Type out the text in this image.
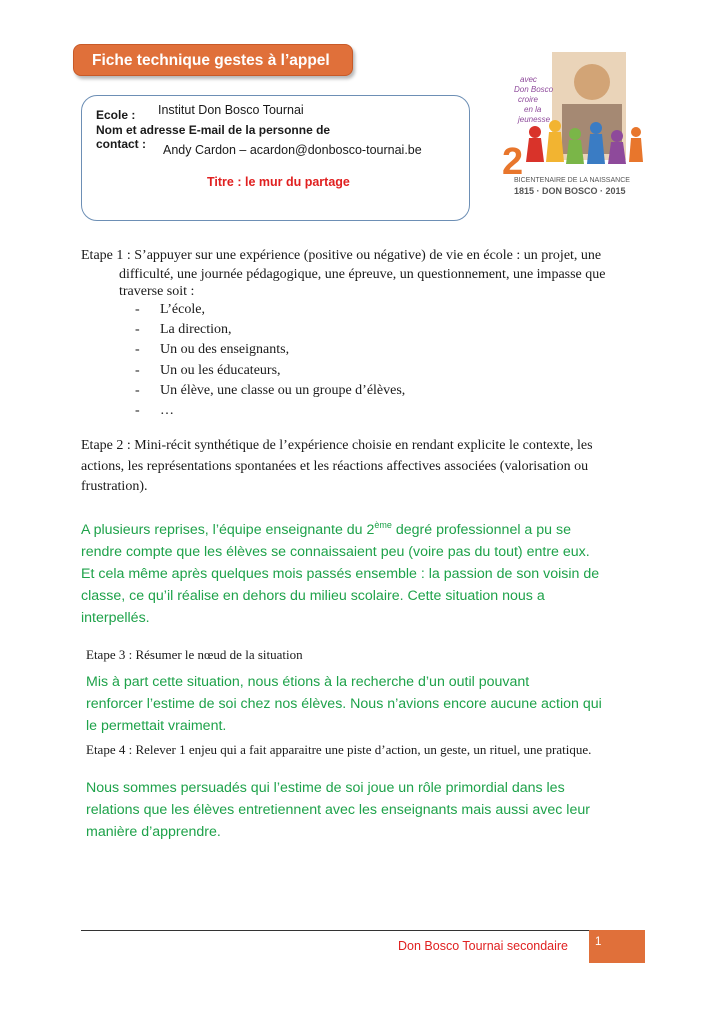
Fiche technique gestes à l’appel
Ecole : Institut Don Bosco Tournai
Nom et adresse E-mail de la personne de
contact : Andy Cardon – acardon@donbosco-tournai.be
Titre : le mur du partage
avec
Don Bosco
croire
en la
jeunesse
2
BICENTENAIRE DE LA NAISSANCE
1815 · DON BOSCO · 2015
Etape 1 : S’appuyer sur une expérience (positive ou négative) de vie en école : un projet, une
difficulté, une journée pédagogique, une épreuve, un questionnement, une impasse que
traverse soit :
- L’école,
- La direction,
- Un ou des enseignants,
- Un ou les éducateurs,
- Un élève, une classe ou un groupe d’élèves,
- …
Etape 2 : Mini-récit synthétique de l’expérience choisie en rendant explicite le contexte, les
actions, les représentations spontanées et les réactions affectives associées (valorisation ou
frustration).
A plusieurs reprises, l’équipe enseignante du 2ème degré professionnel a pu se
rendre compte que les élèves se connaissaient peu (voire pas du tout) entre eux.
Et cela même après quelques mois passés ensemble : la passion de son voisin de
classe, ce qu’il réalise en dehors du milieu scolaire. Cette situation nous a
interpellés.
Etape 3 : Résumer le nœud de la situation
Mis à part cette situation, nous étions à la recherche d’un outil pouvant
renforcer l’estime de soi chez nos élèves. Nous n’avions encore aucune action qui
le permettait vraiment.
Etape 4 : Relever 1 enjeu qui a fait apparaitre une piste d’action, un geste, un rituel, une pratique.
Nous sommes persuadés qui l’estime de soi joue un rôle primordial dans les
relations que les élèves entretiennent avec les enseignants mais aussi avec leur
manière d’apprendre.
Don Bosco Tournai secondaire	1
